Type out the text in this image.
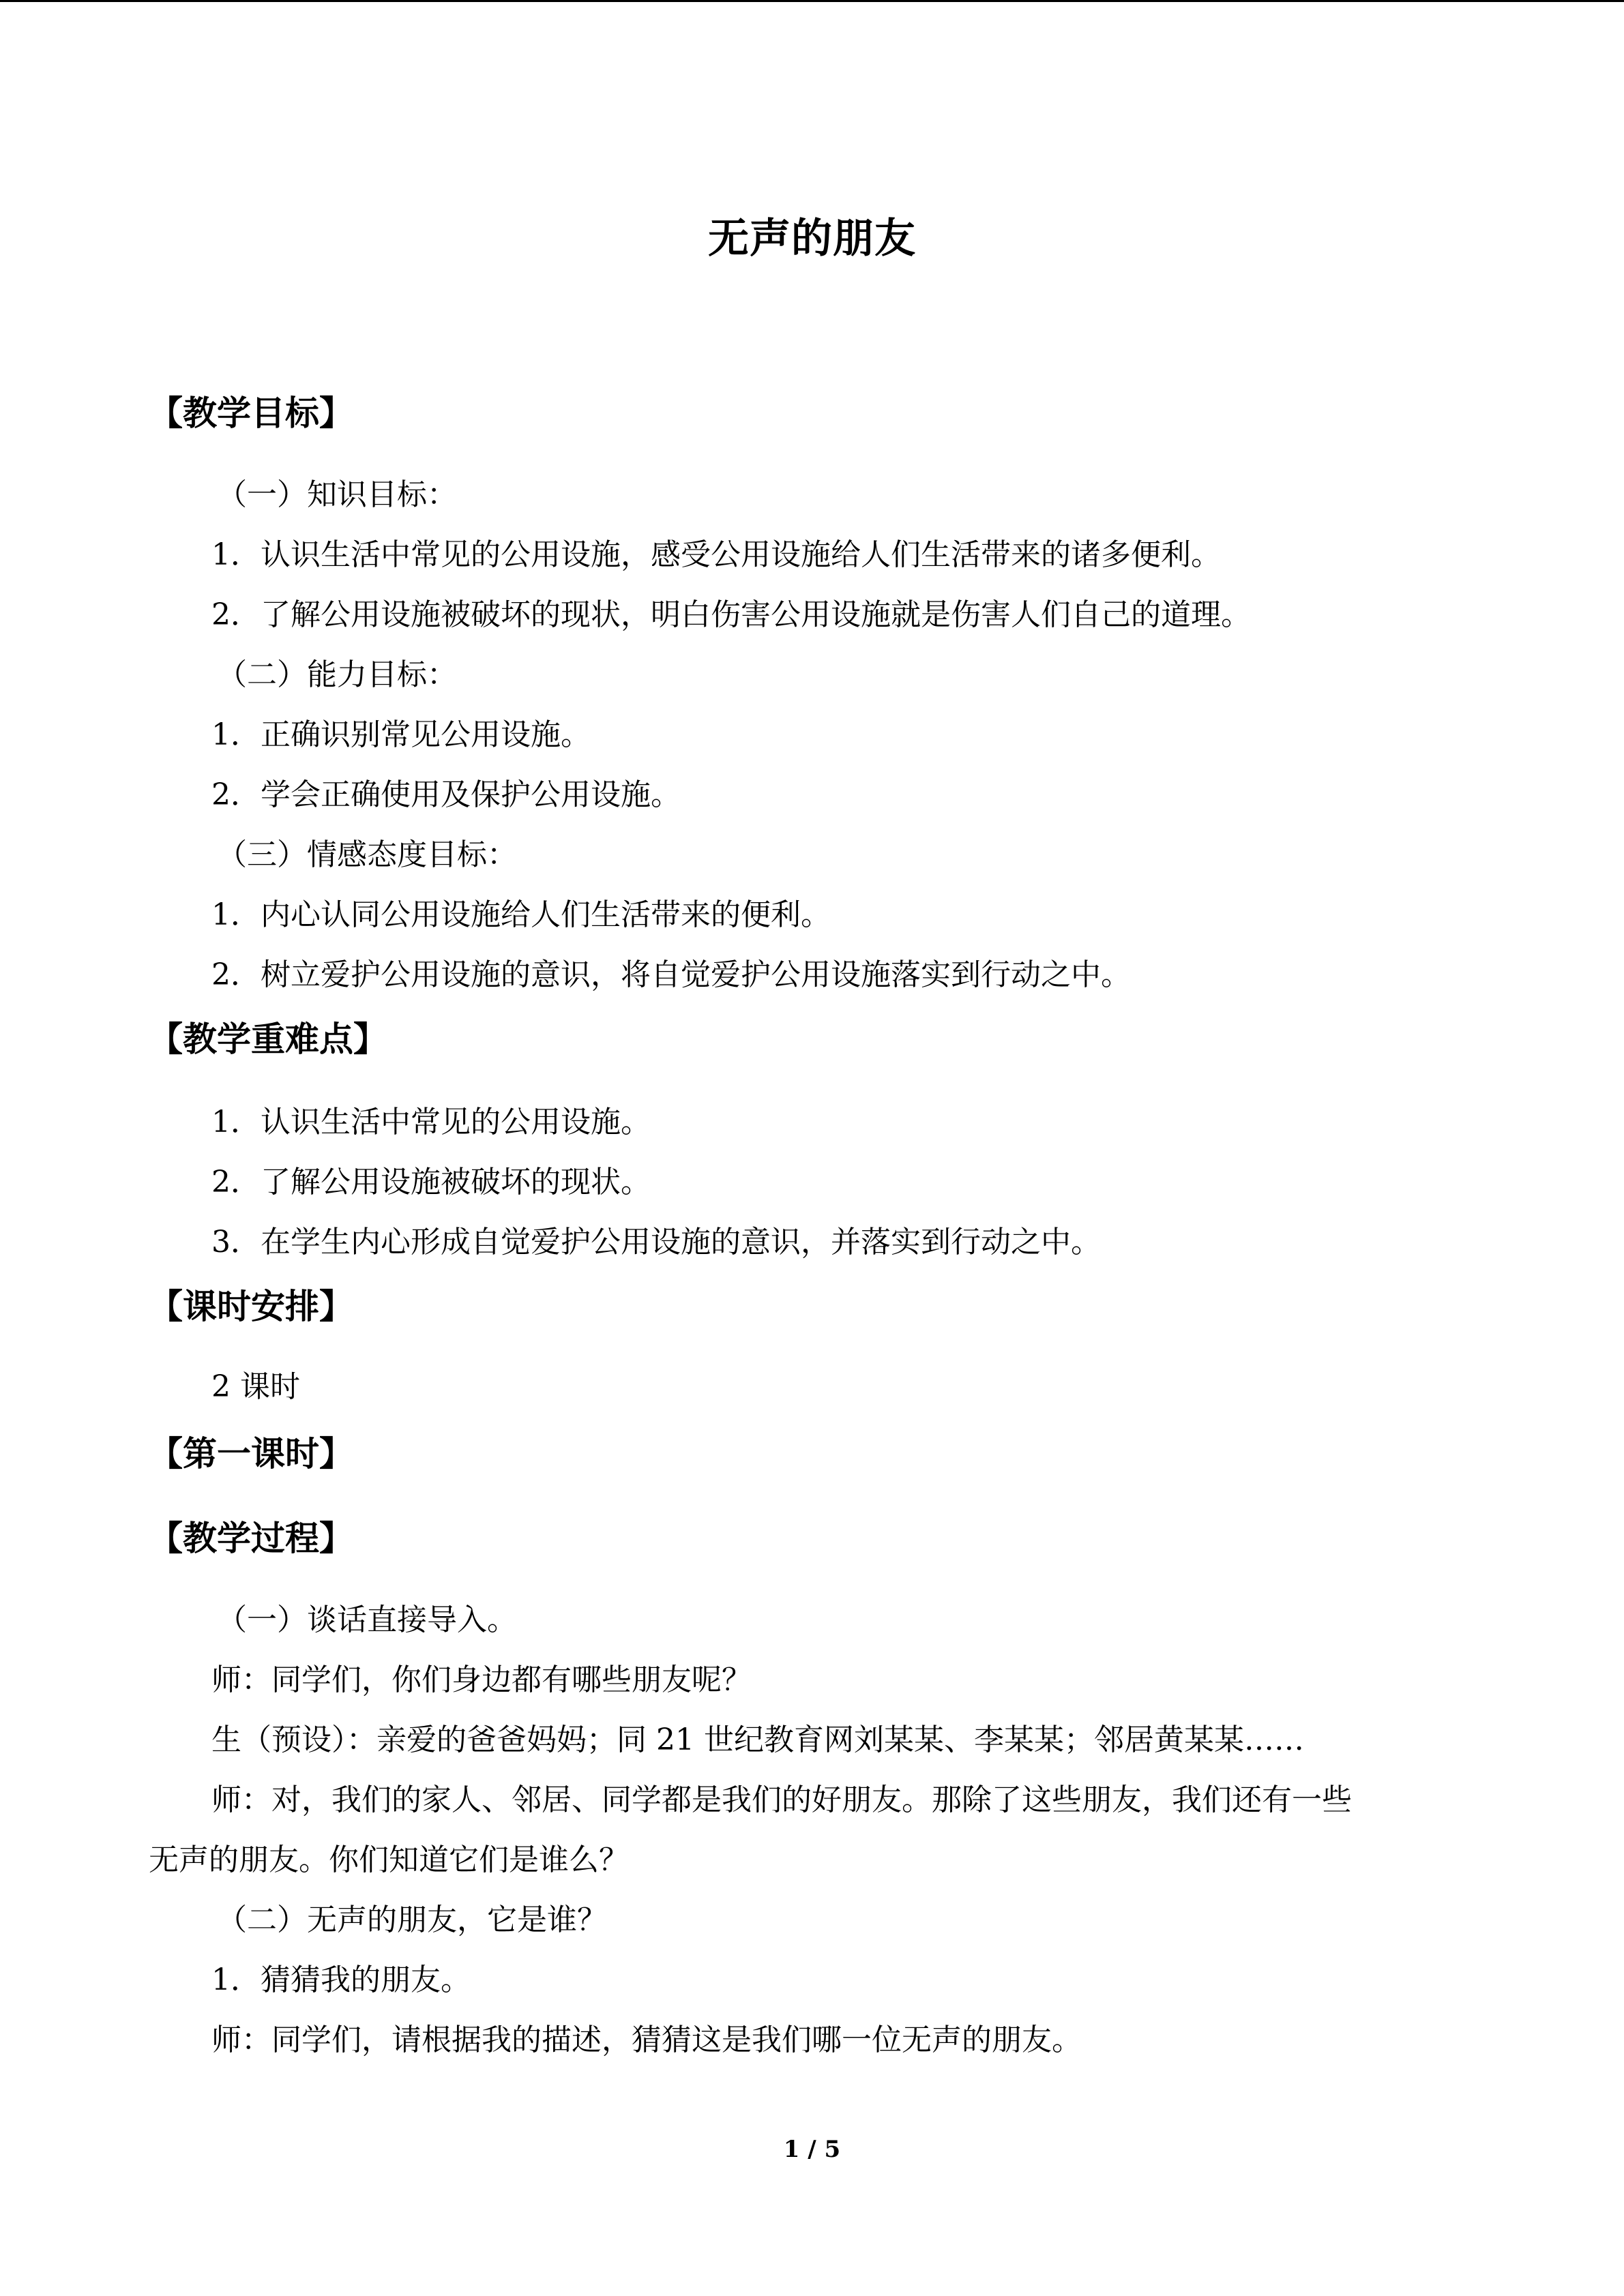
无声的朋友
【教学目标】
（一）知识目标：
1．认识生活中常见的公用设施，感受公用设施给人们生活带来的诸多便利。
2．了解公用设施被破坏的现状，明白伤害公用设施就是伤害人们自己的道理。
（二）能力目标：
1．正确识别常见公用设施。
2．学会正确使用及保护公用设施。
（三）情感态度目标：
1．内心认同公用设施给人们生活带来的便利。
2．树立爱护公用设施的意识，将自觉爱护公用设施落实到行动之中。
【教学重难点】
1．认识生活中常见的公用设施。
2．了解公用设施被破坏的现状。
3．在学生内心形成自觉爱护公用设施的意识，并落实到行动之中。
【课时安排】
2 课时
【第一课时】
【教学过程】
（一）谈话直接导入。
师：同学们，你们身边都有哪些朋友呢？
生（预设）：亲爱的爸爸妈妈；同 21 世纪教育网刘某某、李某某；邻居黄某某……
师：对，我们的家人、邻居、同学都是我们的好朋友。那除了这些朋友，我们还有一些
无声的朋友。你们知道它们是谁么？
（二）无声的朋友，它是谁？
1．猜猜我的朋友。
师：同学们，请根据我的描述，猜猜这是我们哪一位无声的朋友。
1 / 5
